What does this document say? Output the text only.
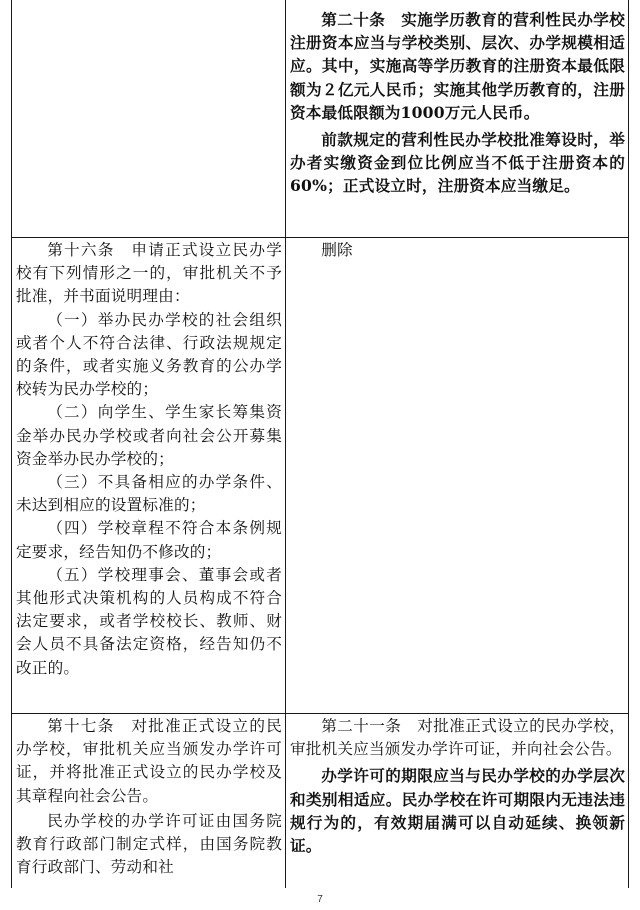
第二十条　实施学历教育的营利性民办学校注册资本应当与学校类别、层次、办学规模相适应。其中，实施高等学历教育的注册资本最低限额为２亿元人民币；实施其他学历教育的，注册资本最低限额为1000万元人民币。

前款规定的营利性民办学校批准筹设时，举办者实缴资金到位比例应当不低于注册资本的60%；正式设立时，注册资本应当缴足。

第十六条　申请正式设立民办学校有下列情形之一的，审批机关不予批准，并书面说明理由：

（一）举办民办学校的社会组织或者个人不符合法律、行政法规规定的条件，或者实施义务教育的公办学校转为民办学校的；

（二）向学生、学生家长筹集资金举办民办学校或者向社会公开募集资金举办民办学校的；

（三）不具备相应的办学条件、未达到相应的设置标准的；

（四）学校章程不符合本条例规定要求，经告知仍不修改的；

（五）学校理事会、董事会或者其他形式决策机构的人员构成不符合法定要求，或者学校校长、教师、财会人员不具备法定资格，经告知仍不改正的。

删除

第十七条　对批准正式设立的民办学校，审批机关应当颁发办学许可证，并将批准正式设立的民办学校及其章程向社会公告。

民办学校的办学许可证由国务院教育行政部门制定式样，由国务院教育行政部门、劳动和社

第二十一条　对批准正式设立的民办学校，审批机关应当颁发办学许可证，并向社会公告。

办学许可的期限应当与民办学校的办学层次和类别相适应。民办学校在许可期限内无违法违规行为的，有效期届满可以自动延续、换领新证。

7
